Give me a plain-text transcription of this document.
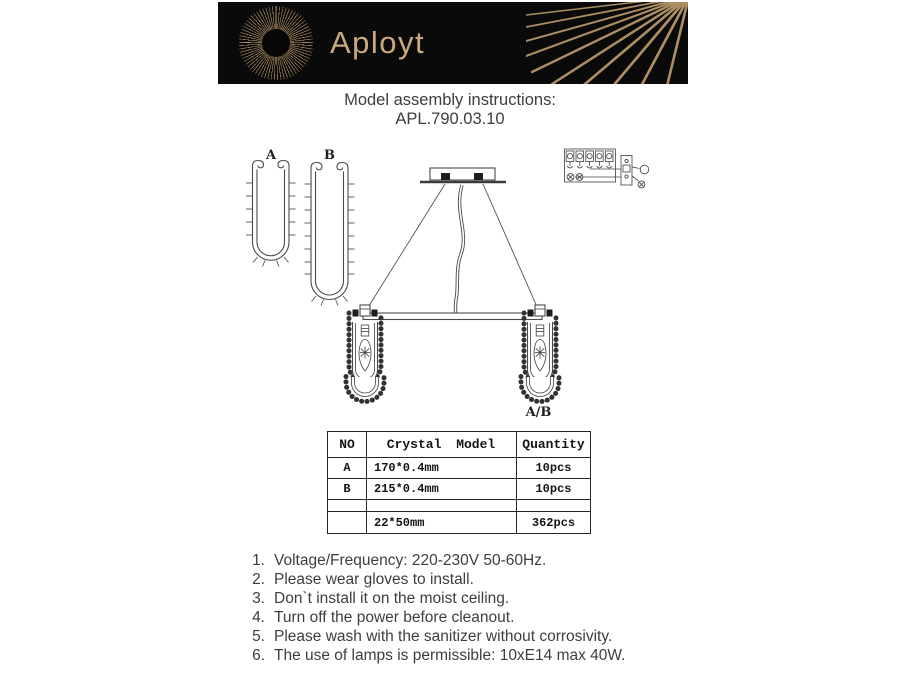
Aployt
Model assembly instructions:
APL.790.03.10
A	B
A/B
NO	Crystal Model	Quantity
A	170*0.4mm	10pcs
B	215*0.4mm	10pcs

	22*50mm	362pcs
1. Voltage/Frequency: 220-230V 50-60Hz.
2. Please wear gloves to install.
3. Don`t install it on the moist ceiling.
4. Turn off the power before cleanout.
5. Please wash with the sanitizer without corrosivity.
6. The use of lamps is permissible: 10xE14 max 40W.
